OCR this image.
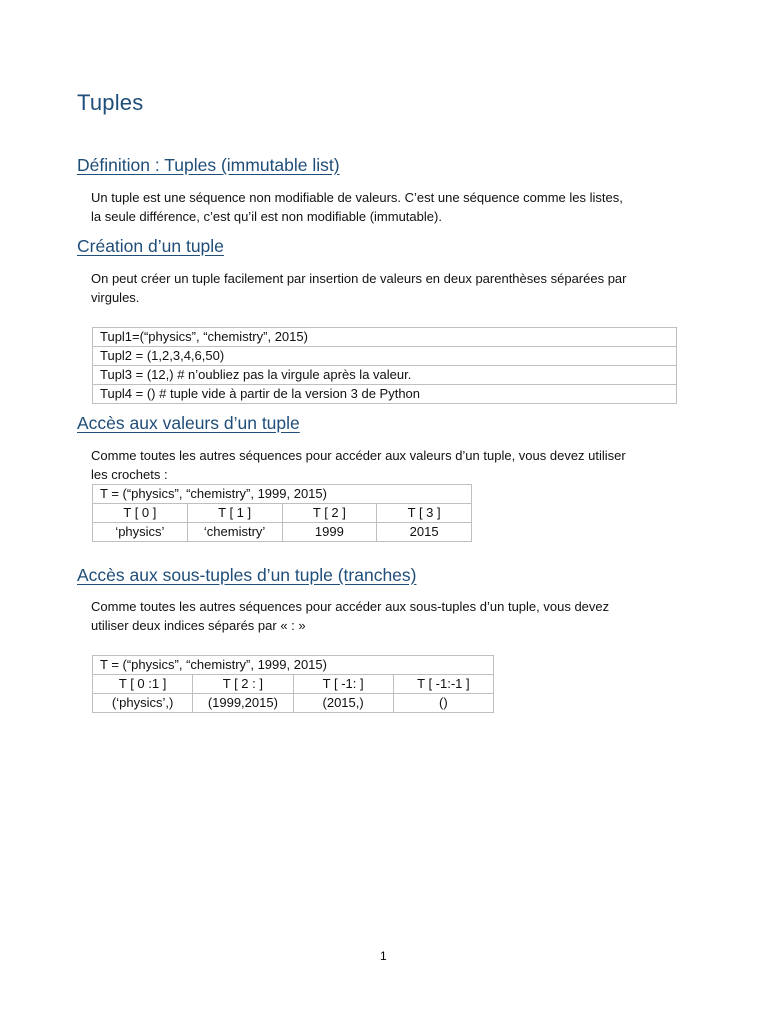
Tuples
Définition : Tuples (immutable list)

Un tuple est une séquence non modifiable de valeurs. C’est une séquence comme les listes,
la seule différence, c’est qu’il est non modifiable (immutable).

Création d’un tuple

On peut créer un tuple facilement par insertion de valeurs en deux parenthèses séparées par
virgules.

Tupl1=(“physics”, “chemistry”, 2015)
Tupl2 = (1,2,3,4,6,50)
Tupl3 = (12,) # n’oubliez pas la virgule après la valeur.
Tupl4 = () # tuple vide à partir de la version 3 de Python
Accès aux valeurs d’un tuple

Comme toutes les autres séquences pour accéder aux valeurs d’un tuple, vous devez utiliser
les crochets :

T = (“physics”, “chemistry”, 1999, 2015)			
T [ 0 ]	T [ 1 ]	T [ 2 ]	T [ 3 ]
‘physics’	‘chemistry’	1999	2015
Accès aux sous-tuples d’un tuple (tranches)

Comme toutes les autres séquences pour accéder aux sous-tuples d’un tuple, vous devez
utiliser deux indices séparés par « : »

T = (“physics”, “chemistry”, 1999, 2015)			
T [ 0 :1 ]	T [ 2 : ]	T [ -1: ]	T [ -1:-1 ]
(‘physics’,)	(1999,2015)	(2015,)	()
1
